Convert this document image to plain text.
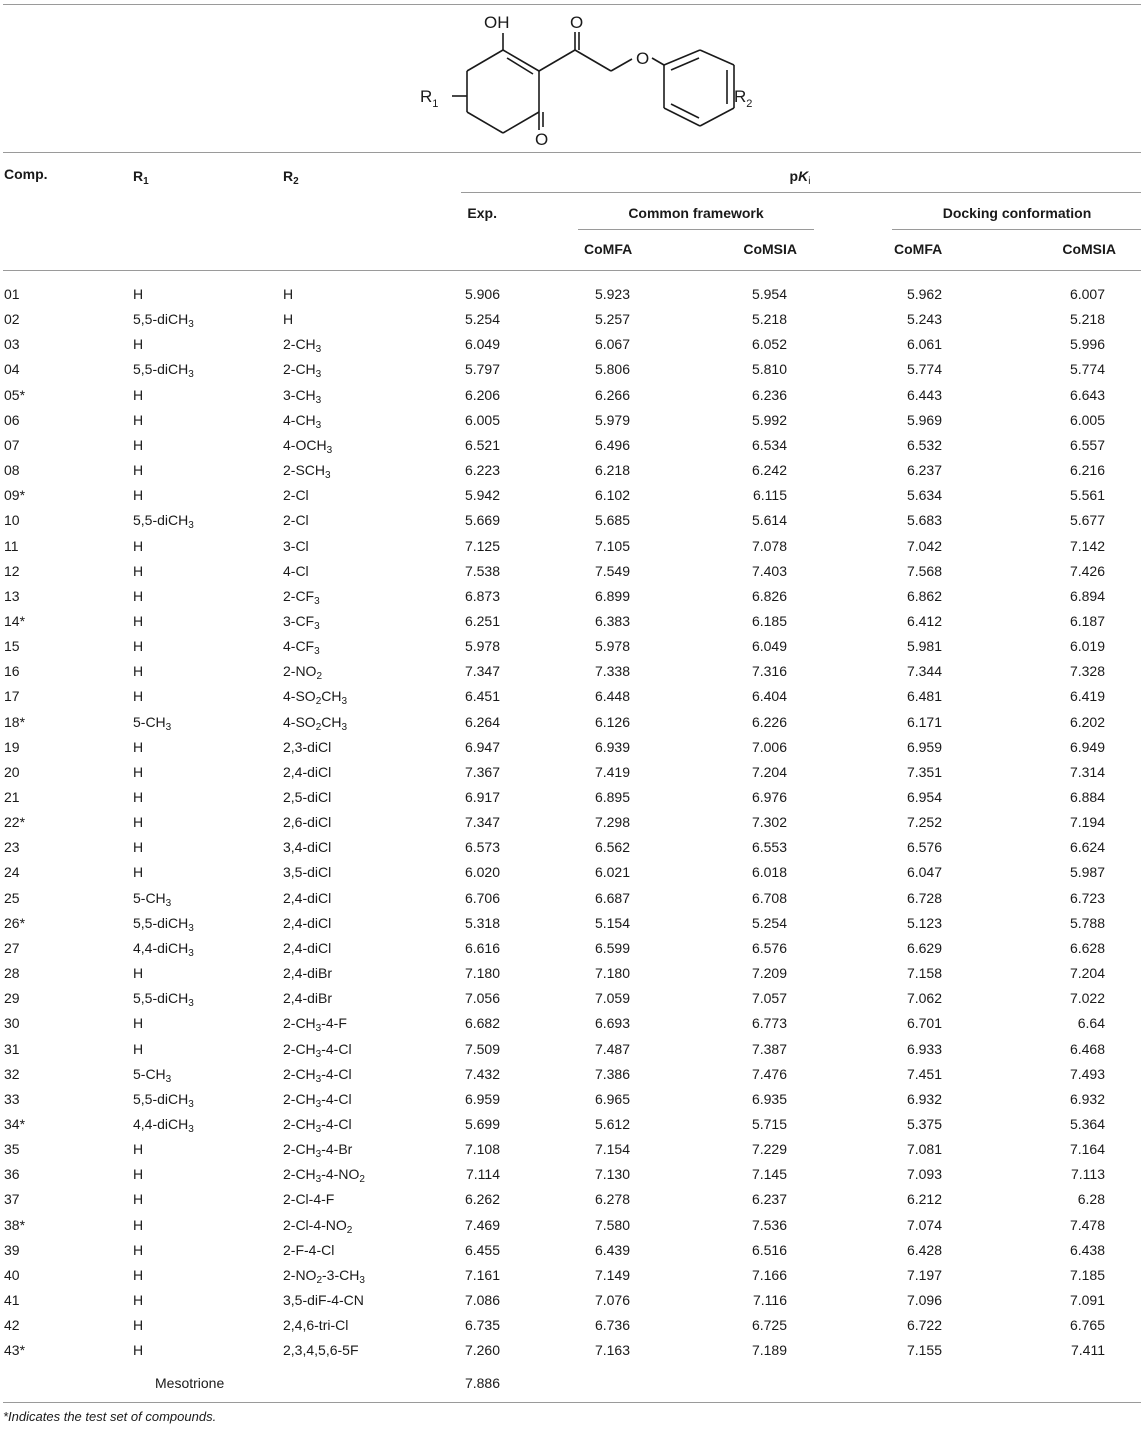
OH	O
O
O
$R_1$	$R_2$
Comp.	$R_1$	$R_2$	$pK_i$
Exp.	Common framework	Docking conformation
CoMFA	CoMSIA	CoMFA	CoMSIA
01	H	H	5.906	5.923	5.954	5.962	6.007
02	5,5-diCH$_3$	H	5.254	5.257	5.218	5.243	5.218
03	H	$2-CH_3$	6.049	6.067	6.052	6.061	5.996
04	5,5-diCH$_3$	$2-CH_3$	5.797	5.806	5.810	5.774	5.774
05*	H	$3-CH_3$	6.206	6.266	6.236	6.443	6.643
06	H	$4-CH_3$	6.005	5.979	5.992	5.969	6.005
07	H	$4-OCH_3$	6.521	6.496	6.534	6.532	6.557
08	H	$2-SCH_3$	6.223	6.218	6.242	6.237	6.216
09*	H	2-Cl	5.942	6.102	6.115	5.634	5.561
10	5,5-diCH$_3$	2-Cl	5.669	5.685	5.614	5.683	5.677
11	H	3-Cl	7.125	7.105	7.078	7.042	7.142
12	H	4-Cl	7.538	7.549	7.403	7.568	7.426
13	H	$2-CF_3$	6.873	6.899	6.826	6.862	6.894
14*	H	$3-CF_3$	6.251	6.383	6.185	6.412	6.187
15	H	$4-CF_3$	5.978	5.978	6.049	5.981	6.019
16	H	$2-NO_2$	7.347	7.338	7.316	7.344	7.328
17	H	$4-SO_2CH_3$	6.451	6.448	6.404	6.481	6.419
18*	$5-CH_3$	$4-SO_2CH_3$	6.264	6.126	6.226	6.171	6.202
19	H	2,3-diCl	6.947	6.939	7.006	6.959	6.949
20	H	2,4-diCl	7.367	7.419	7.204	7.351	7.314
21	H	2,5-diCl	6.917	6.895	6.976	6.954	6.884
22*	H	2,6-diCl	7.347	7.298	7.302	7.252	7.194
23	H	3,4-diCl	6.573	6.562	6.553	6.576	6.624
24	H	3,5-diCl	6.020	6.021	6.018	6.047	5.987
25	$5-CH_3$	2,4-diCl	6.706	6.687	6.708	6.728	6.723
26*	5,5-diCH$_3$	2,4-diCl	5.318	5.154	5.254	5.123	5.788
27	4,4-diCH$_3$	2,4-diCl	6.616	6.599	6.576	6.629	6.628
28	H	2,4-diBr	7.180	7.180	7.209	7.158	7.204
29	5,5-diCH$_3$	2,4-diBr	7.056	7.059	7.057	7.062	7.022
30	H	$2-CH_3-4-F$	6.682	6.693	6.773	6.701	6.64
31	H	$2-CH_3-4-Cl$	7.509	7.487	7.387	6.933	6.468
32	$5-CH_3$	$2-CH_3-4-Cl$	7.432	7.386	7.476	7.451	7.493
33	5,5-diCH$_3$	$2-CH_3-4-Cl$	6.959	6.965	6.935	6.932	6.932
34*	4,4-diCH$_3$	$2-CH_3-4-Cl$	5.699	5.612	5.715	5.375	5.364
35	H	$2-CH_3-4-Br$	7.108	7.154	7.229	7.081	7.164
36	H	$2-CH_3-4-NO_2$	7.114	7.130	7.145	7.093	7.113
37	H	2-Cl-4-F	6.262	6.278	6.237	6.212	6.28
38*	H	$2-Cl-4-NO_2$	7.469	7.580	7.536	7.074	7.478
39	H	2-F-4-Cl	6.455	6.439	6.516	6.428	6.438
40	H	$2-NO_2-3-CH_3$	7.161	7.149	7.166	7.197	7.185
41	H	3,5-diF-4-CN	7.086	7.076	7.116	7.096	7.091
42	H	2,4,6-tri-Cl	6.735	6.736	6.725	6.722	6.765
43*	H	2,3,4,5,6-5F	7.260	7.163	7.189	7.155	7.411
Mesotrione	7.886
*Indicates the test set of compounds.
